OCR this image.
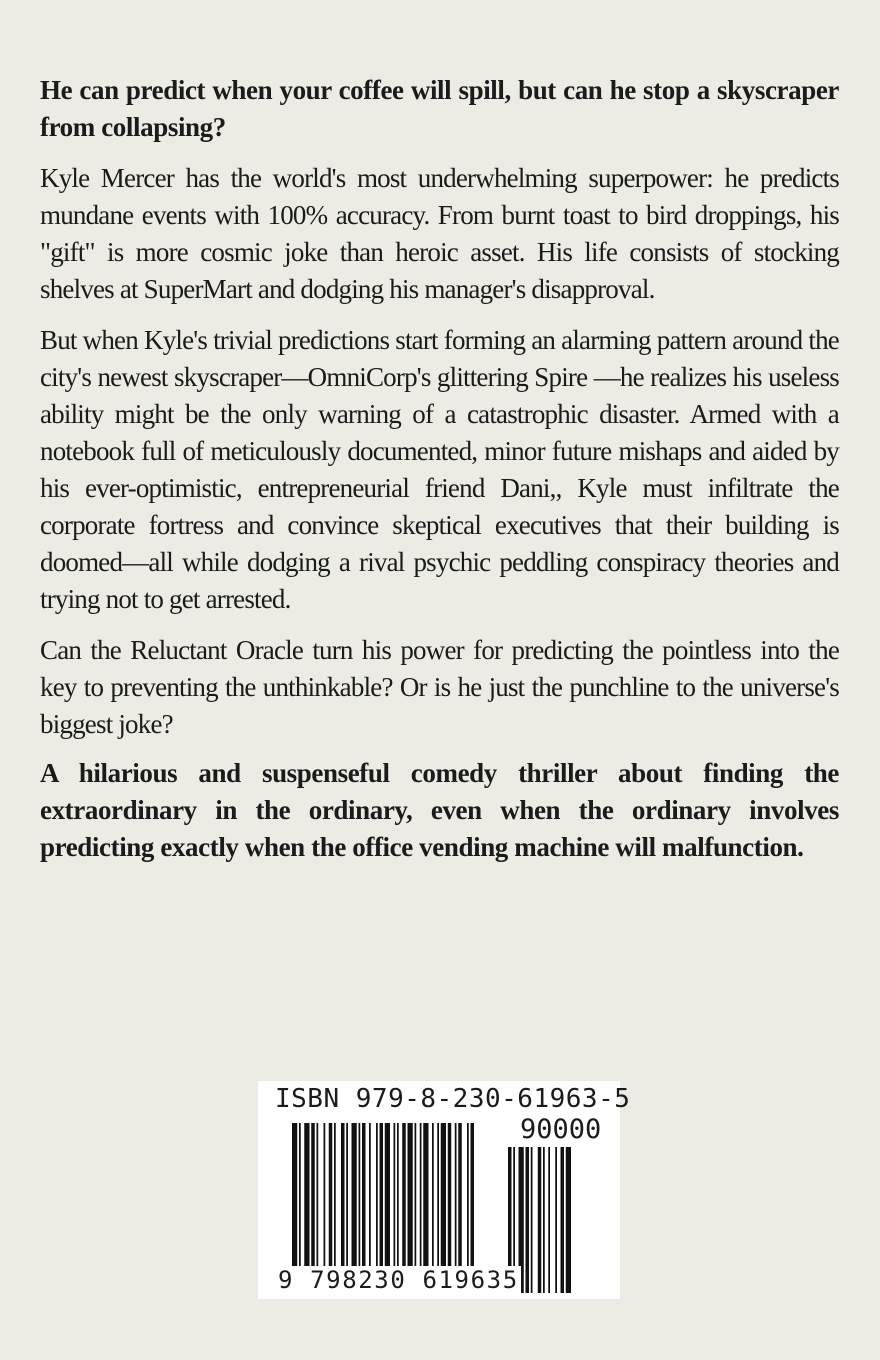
He can predict when your coffee will spill, but can he stop a skyscraper from collapsing?

Kyle Mercer has the world's most underwhelming superpower: he predicts mundane events with 100% accuracy. From burnt toast to bird droppings, his "gift" is more cosmic joke than heroic asset. His life consists of stocking shelves at SuperMart and dodging his manager's disapproval.

But when Kyle's trivial predictions start forming an alarming pattern around the city's newest skyscraper—OmniCorp's glittering Spire —he realizes his useless ability might be the only warning of a catastrophic disaster. Armed with a notebook full of meticulously documented, minor future mishaps and aided by his ever-optimistic, entrepreneurial friend Dani,, Kyle must infiltrate the corporate fortress and convince skeptical executives that their building is doomed—all while dodging a rival psychic peddling conspiracy theories and trying not to get arrested.

Can the Reluctant Oracle turn his power for predicting the pointless into the key to preventing the unthinkable? Or is he just the punchline to the universe's biggest joke?

A hilarious and suspenseful comedy thriller about finding the extraordinary in the ordinary, even when the ordinary involves predicting exactly when the office vending machine will malfunction.

ISBN 979-8-230-61963-5
90000
9 798230 619635
